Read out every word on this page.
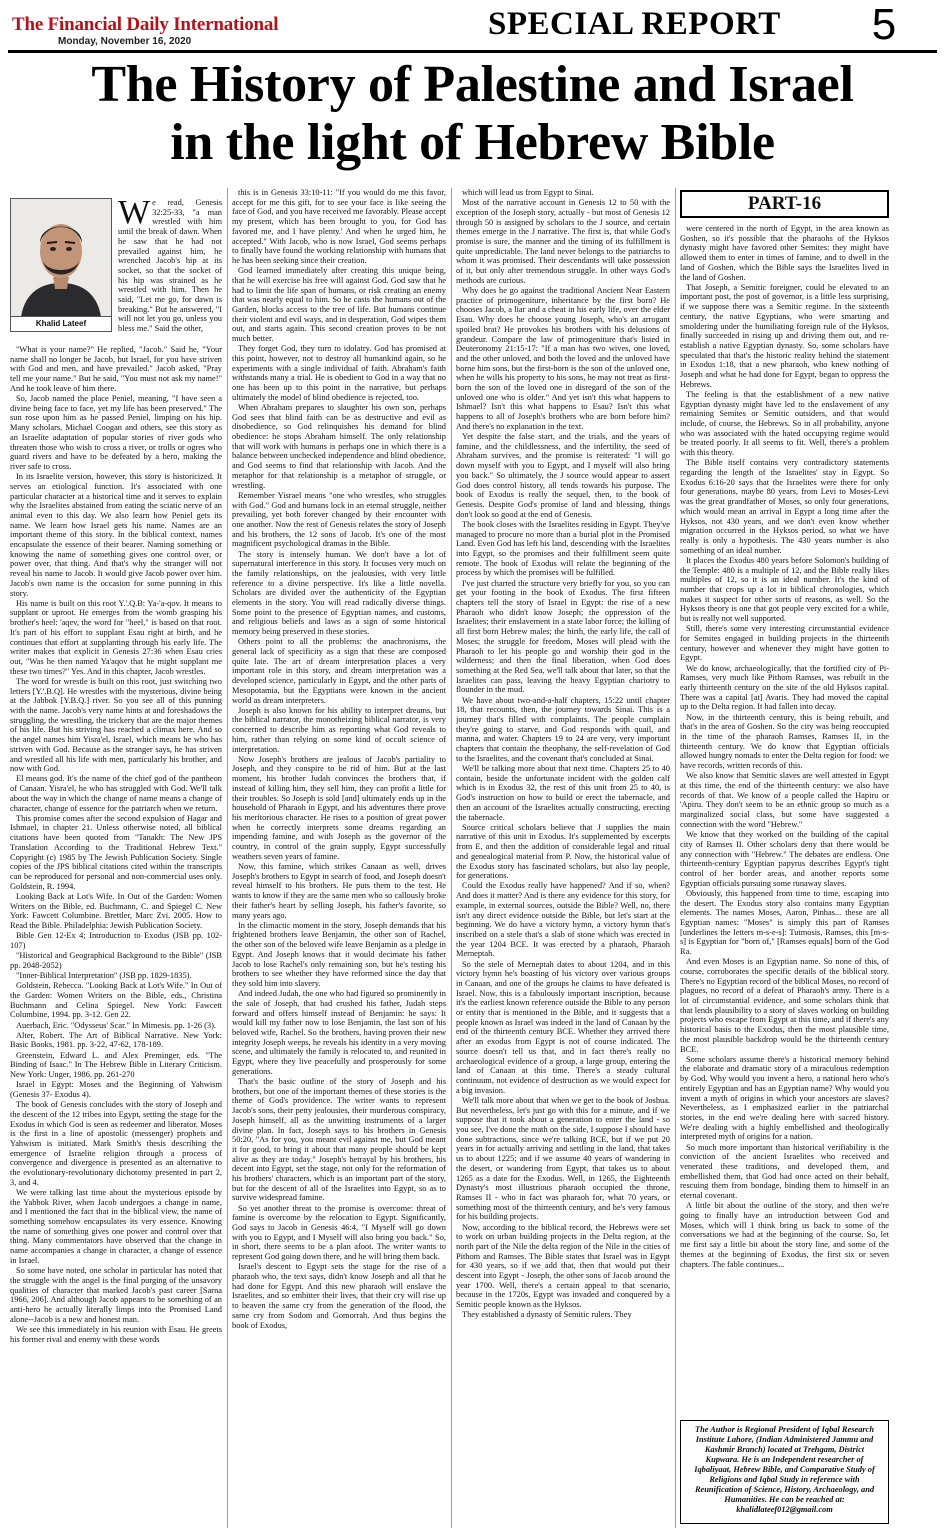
The Financial Daily International
Monday, November 16, 2020	SPECIAL REPORT 5
The History of Palestine and Israel
in the light of Hebrew Bible
Khalid Lateef
We read, Genesis 32:25-33, "a man wrestled with him until the break of dawn. When he saw that he had not prevailed against him, he wrenched Jacob's hip at its socket, so that the socket of his hip was strained as he wrestled with him. Then he said, "Let me go, for dawn is breaking." But he answered, "I will not let you go, unless you bless me." Said the other,

"What is your name?" He replied, "Jacob." Said he, "Your name shall no longer be Jacob, but Israel, for you have striven with God and men, and have prevailed." Jacob asked, "Pray tell me your name." But he said, "You must not ask my name!" And he took leave of him there.

So, Jacob named the place Peniel, meaning, "I have seen a divine being face to face, yet my life has been preserved." The sun rose upon him as he passed Peniel, limping on his hip. Many scholars, Michael Coogan and others, see this story as an Israelite adaptation of popular stories of river gods who threaten those who wish to cross a river, or trolls or ogres who guard rivers and have to be defeated by a hero, making the river safe to cross.

In its Israelite version, however, this story is historicized. It serves an etiological function. It's associated with one particular character at a historical time and it serves to explain why the Israelites abstained from eating the sciatic nerve of an animal even to this day. We also learn how Peniel gets its name. We learn how Israel gets his name. Names are an important theme of this story. In the biblical context, names encapsulate the essence of their bearer. Naming something or knowing the name of something gives one control over, or power over, that thing. And that's why the stranger will not reveal his name to Jacob. It would give Jacob power over him. Jacob's own name is the occasion for some punning in this story.

His name is built on this root Y.'.Q.B: Ya-'a-qov. It means to supplant or uproot. He emerges from the womb grasping his brother's heel: 'aqev, the word for "heel," is based on that root. It's part of his effort to supplant Esau right at birth, and he continues that effort at supplanting through his early life. The writer makes that explicit in Genesis 27:36 when Esau cries out, "Was he then named Ya'aqov that he might supplant me these two times?" Yes. And in this chapter, Jacob wrestles.

The word for wrestle is built on this root, just switching two letters [Y.'.B.Q]. He wrestles with the mysterious, divine being at the Jabbok [Y.B.Q.] river. So you see all of this punning with the name. Jacob's very name hints at and foreshadows the struggling, the wrestling, the trickery that are the major themes of his life. But his striving has reached a climax here. And so the angel names him Yisra'el, Israel, which means he who has striven with God. Because as the stranger says, he has striven and wrestled all his life with men, particularly his brother, and now with God.

El means god. It's the name of the chief god of the pantheon of Canaan. Yisra'el, he who has struggled with God. We'll talk about the way in which the change of name means a change of character, change of essence for the patriarch when we return.

This promise comes after the second expulsion of Hagar and Ishmael, in chapter 21. Unless otherwise noted, all biblical citations have been quoted from "Tanakh: The New JPS Translation According to the Traditional Hebrew Text." Copyright (c) 1985 by The Jewish Publication Society. Single copies of the JPS biblical citations cited within the transcripts can be reproduced for personal and non-commercial uses only. Goldstein, R. 1994.

Looking Back at Lot's Wife. In Out of the Garden: Women Writers on the Bible, ed. Buchmann, C. and Spiegel C. New York: Fawcett Columbine. Brettler, Marc Zvi. 2005. How to Read the Bible. Philadelphia: Jewish Publication Society.

Bible Gen 12-Ex 4; Introduction to Exodus (JSB pp. 102-107)

"Historical and Geographical Background to the Bible" (JSB pp. 2048-2052)

"Inner-Biblical Interpretation" (JSB pp. 1829-1835).

Goldstein, Rebecca. "Looking Back at Lot's Wife." In Out of the Garden: Women Writers on the Bible, eds., Christina Buchmann and Celina Spiegel. New York: Fawcett Columbine, 1994. pp. 3-12. Gen 22.

Auerbach, Eric. "Odysseus' Scar." In Mimesis. pp. 1-26 (3).

Alter, Robert. The Art of Biblical Narrative. New York: Basic Books, 1981. pp. 3-22, 47-62, 178-189.

Greenstein, Edward L. and Alex Preminger, eds. "The Binding of Isaac." In The Hebrew Bible in Literary Criticism. New York: Unger, 1986. pp. 261-270

Israel in Egypt: Moses and the Beginning of Yahwism (Genesis 37- Exodus 4).

The book of Genesis concludes with the story of Joseph and the descent of the 12 tribes into Egypt, setting the stage for the Exodus in which God is seen as redeemer and liberator. Moses is the first in a line of apostolic (messenger) prophets and Yahwism is initiated. Mark Smith's thesis describing the emergence of Israelite religion through a process of convergence and divergence is presented as an alternative to the evolutionary-revolutionary dichotomy presented in part 2, 3, and 4.

We were talking last time about the mysterious episode by the Yabbok River, when Jacob undergoes a change in name, and I mentioned the fact that in the biblical view, the name of something somehow encapsulates its very essence. Knowing the name of something gives one power and control over that thing. Many commentators have observed that the change in name accompanies a change in character, a change of essence in Israel.

So some have noted, one scholar in particular has noted that the struggle with the angel is the final purging of the unsavory qualities of character that marked Jacob's past career [Sarna 1966, 206]. And although Jacob appears to be something of an anti-hero he actually literally limps into the Promised Land alone--Jacob is a new and honest man.

We see this immediately in his reunion with Esau. He greets his former rival and enemy with these words

this is in Genesis 33:10-11: "If you would do me this favor, accept for me this gift, for to see your face is like seeing the face of God, and you have received me favorably. Please accept my present, which has been brought to you, for God has favored me, and I have plenty.' And when he urged him, he accepted." With Jacob, who is now Israel, God seems perhaps to finally have found the working relationship with humans that he has been seeking since their creation.

God learned immediately after creating this unique being, that he will exercise his free will against God. God saw that he had to limit the life span of humans, or risk creating an enemy that was nearly equal to him. So he casts the humans out of the Garden, blocks access to the tree of life. But humans continue their violent and evil ways, and in desperation, God wipes them out, and starts again. This second creation proves to be not much better.

They forget God, they turn to idolatry. God has promised at this point, however, not to destroy all humankind again, so he experiments with a single individual of faith. Abraham's faith withstands many a trial. He is obedient to God in a way that no one has been up to this point in the narrative, but perhaps ultimately the model of blind obedience is rejected, too.

When Abraham prepares to slaughter his own son, perhaps God sees that blind faith can be as destructive and evil as disobedience, so God relinquishes his demand for blind obedience: he stops Abraham himself. The only relationship that will work with humans is perhaps one in which there is a balance between unchecked independence and blind obedience, and God seems to find that relationship with Jacob. And the metaphor for that relationship is a metaphor of struggle, or wrestling.

Remember Yisrael means "one who wrestles, who struggles with God." God and humans lock in an eternal struggle, neither prevailing, yet both forever changed by their encounter with one another. Now the rest of Genesis relates the story of Joseph and his brothers, the 12 sons of Jacob. It's one of the most magnificent psychological dramas in the Bible.

The story is intensely human. We don't have a lot of supernatural interference in this story. It focuses very much on the family relationships, on the jealousies, with very little reference to a divine perspective. It's like a little novella. Scholars are divided over the authenticity of the Egyptian elements in the story. You will read radically diverse things. Some point to the presence of Egyptian names, and customs, and religious beliefs and laws as a sign of some historical memory being preserved in these stories.

Others point to all the problems: the anachronisms, the general lack of specificity as a sign that these are composed quite late. The art of dream interpretation places a very important role in this story, and dream interpretation was a developed science, particularly in Egypt, and the other parts of Mesopotamia, but the Egyptians were known in the ancient world as dream interpreters.

Joseph is also known for his ability to interpret dreams, but the biblical narrator, the monotheizing biblical narrator, is very concerned to describe him as reporting what God reveals to him, rather than relying on some kind of occult science of interpretation.

Now Joseph's brothers are jealous of Jacob's partiality to Joseph, and they conspire to be rid of him. But at the last moment, his brother Judah convinces the brothers that, if instead of killing him, they sell him, they can profit a little for their troubles. So Joseph is sold [and] ultimately ends up in the household of Pharaoh in Egypt, and his adventures there prove his meritorious character. He rises to a position of great power when he correctly interprets some dreams regarding an impending famine, and with Joseph as the governor of the country, in control of the grain supply, Egypt successfully weathers seven years of famine.

Now, this famine, which strikes Canaan as well, drives Joseph's brothers to Egypt in search of food, and Joseph doesn't reveal himself to his brothers. He puts them to the test. He wants to know if they are the same men who so callously broke their father's heart by selling Joseph, his father's favorite, so many years ago.

In the climactic moment in the story, Joseph demands that his frightened brothers leave Benjamin, the other son of Rachel, the other son of the beloved wife leave Benjamin as a pledge in Egypt. And Joseph knows that it would decimate his father Jacob to lose Rachel's only remaining son, but he's testing his brothers to see whether they have reformed since the day that they sold him into slavery.

And indeed Judah, the one who had figured so prominently in the sale of Joseph, that had crushed his father, Judah steps forward and offers himself instead of Benjamin: he says: It would kill my father now to lose Benjamin, the last son of his beloved wife, Rachel. So the brothers, having proven their new integrity Joseph weeps, he reveals his identity in a very moving scene, and ultimately the family is relocated to, and reunited in Egypt, where they live peacefully and prosperously for some generations.

That's the basic outline of the story of Joseph and his brothers, but one of the important themes of these stories is the theme of God's providence. The writer wants to represent Jacob's sons, their petty jealousies, their murderous conspiracy, Joseph himself, all as the unwitting instruments of a larger divine plan. In fact, Joseph says to his brothers in Genesis 50:20, "As for you, you meant evil against me, but God meant it for good, to bring it about that many people should be kept alive as they are today." Joseph's betrayal by his brothers, his decent into Egypt, set the stage, not only for the reformation of his brothers' characters, which is an important part of the story, but for the descent of all of the Israelites into Egypt, so as to survive widespread famine.

So yet another threat to the promise is overcome: threat of famine is overcome by the relocation to Egypt. Significantly, God says to Jacob in Genesis 46:4, "I Myself will go down with you to Egypt, and I Myself will also bring you back." So, in short, there seems to be a plan afoot. The writer wants to represent God going down there, and he will bring them back.

Israel's descent to Egypt sets the stage for the rise of a pharaoh who, the text says, didn't know Joseph and all that he had done for Egypt. And this new pharaoh will enslave the Israelites, and so embitter their lives, that their cry will rise up to heaven the same cry from the generation of the flood, the same cry from Sodom and Gomorrah. And thus begins the book of Exodus,

which will lead us from Egypt to Sinai.

Most of the narrative account in Genesis 12 to 50 with the exception of the Joseph story, actually - but most of Genesis 12 through 50 is assigned by scholars to the J source, and certain themes emerge in the J narrative. The first is, that while God's promise is sure, the manner and the timing of its fulfillment is quite unpredictable. The land never belongs to the patriarchs to whom it was promised. Their descendants will take possession of it, but only after tremendous struggle. In other ways God's methods are curious.

Why does he go against the traditional Ancient Near Eastern practice of primogeniture, inheritance by the first born? He chooses Jacob, a liar and a cheat in his early life, over the elder Esau. Why does he choose young Joseph, who's an arrogant spoiled brat? He provokes his brothers with his delusions of grandeur. Compare the law of primogeniture that's listed in Deuteronomy 21:15-17: "If a man has two wives, one loved, and the other unloved, and both the loved and the unloved have borne him sons, but the first-born is the son of the unloved one, when he wills his property to his sons, he may not treat as first-born the son of the loved one in disregard of the son of the unloved one who is older." And yet isn't this what happens to Ishmael? Isn't this what happens to Esau? Isn't this what happens to all of Joseph's brothers who are born before him? And there's no explanation in the text.

Yet despite the false start, and the trials, and the years of famine, and the childlessness, and the infertility, the seed of Abraham survives, and the promise is reiterated: "I will go down myself with you to Egypt, and I myself will also bring you back." So ultimately, the J source would appear to assert God does control history, all tends towards his purpose. The book of Exodus is really the sequel, then, to the book of Genesis. Despite God's promise of land and blessing, things don't look so good at the end of Genesis.

The book closes with the Israelites residing in Egypt. They've managed to procure no more than a burial plot in the Promised Land. Even God has left his land, descending with the Israelites into Egypt, so the promises and their fulfillment seem quite remote. The book of Exodus will relate the beginning of the process by which the promises will be fulfilled.

I've just charted the structure very briefly for you, so you can get your footing in the book of Exodus. The first fifteen chapters tell the story of Israel in Egypt: the rise of a new Pharaoh who didn't know Joseph; the oppression of the Israelites; their enslavement in a state labor force; the killing of all first born Hebrew males; the birth, the early life, the call of Moses; the struggle for freedom, Moses will plead with the Pharaoh to let his people go and worship their god in the wilderness; and then the final liberation, when God does something at the Red Sea, we'll talk about that later, so that the Israelites can pass, leaving the heavy Egyptian chariotry to flounder in the mud.

We have about two-and-a-half chapters, 15:22 until chapter 18, that recounts, then, the journey towards Sinai. This is a journey that's filled with complaints. The people complain they're going to starve, and God responds with quail, and manna, and water. Chapters 19 to 24 are very, very important chapters that contain the theophany, the self-revelation of God to the Israelites, and the covenant that's concluded at Sinai.

We'll be talking more about that next time. Chapters 25 to 40 contain, beside the unfortunate incident with the golden calf which is in Exodus 32, the rest of this unit from 25 to 40, is God's instruction on how to build or erect the tabernacle, and then an account of the Israelites actually constructing, erecting the tabernacle.

Source critical scholars believe that J supplies the main narrative of this unit in Exodus. It's supplemented by excerpts from E, and then the addition of considerable legal and ritual and genealogical material from P. Now, the historical value of the Exodus story has fascinated scholars, but also lay people, for generations.

Could the Exodus really have happened? And if so, when? And does it matter? And is there any evidence for this story, for example, in external sources, outside the Bible? Well, no, there isn't any direct evidence outside the Bible, but let's start at the beginning. We do have a victory hymn, a victory hymn that's inscribed on a stele that's a slab of stone which was erected in the year 1204 BCE. It was erected by a pharaoh, Pharaoh Merneptah.

So the stele of Merneptah dates to about 1204, and in this victory hymn he's boasting of his victory over various groups in Canaan, and one of the groups he claims to have defeated is Israel. Now, this is a fabulously important inscription, because it's the earliest known reference outside the Bible to any person or entity that is mentioned in the Bible, and it suggests that a people known as Israel was indeed in the land of Canaan by the end of the thirteenth century BCE. Whether they arrived there after an exodus from Egypt is not of course indicated. The source doesn't tell us that, and in fact there's really no archaeological evidence of a group, a large group, entering the land of Canaan at this time. There's a steady cultural continuum, not evidence of destruction as we would expect for a big invasion.

We'll talk more about that when we get to the book of Joshua. But nevertheless, let's just go with this for a minute, and if we suppose that it took about a generation to enter the land - so you see, I've done the math on the side, I suppose I should have done subtractions, since we're talking BCE, but if we put 20 years in for actually arriving and settling in the land, that takes us to about 1225; and if we assume 40 years of wandering in the desert, or wandering from Egypt, that takes us to about 1265 as a date for the Exodus. Well, in 1265, the Eighteenth Dynasty's most illustrious pharaoh occupied the throne, Ramses II - who in fact was pharaoh for, what 70 years, or something most of the thirteenth century, and he's very famous for his building projects.

Now, according to the biblical record, the Hebrews were set to work on urban building projects in the Delta region, at the north part of the Nile the delta region of the Nile in the cities of Pithom and Ramses. The Bible states that Israel was in Egypt for 430 years, so if we add that, then that would put their descent into Egypt - Joseph, the other sons of Jacob around the year 1700. Well, there's a certain appeal to that scenario, because in the 1720s, Egypt was invaded and conquered by a Semitic people known as the Hyksos.

They established a dynasty of Semitic rulers. They

PART-16

were centered in the north of Egypt, in the area known as Goshen, so it's possible that the pharaohs of the Hyksos dynasty might have favored other Semites: they might have allowed them to enter in times of famine, and to dwell in the land of Goshen, which the Bible says the Israelites lived in the land of Goshen.

That Joseph, a Semitic foreigner, could be elevated to an important post, the post of governor, is a little less surprising, if we suppose there was a Semitic regime. In the sixteenth century, the native Egyptians, who were smarting and smoldering under the humiliating foreign rule of the Hyksos, finally succeeded in rising up and driving them out, and re-establish a native Egyptian dynasty. So, some scholars have speculated that that's the historic reality behind the statement in Exodus 1:18, that a new pharaoh, who knew nothing of Joseph and what he had done for Egypt, began to oppress the Hebrews.

The feeling is that the establishment of a new native Egyptian dynasty might have led to the enslavement of any remaining Semites or Semitic outsiders, and that would include, of course, the Hebrews. So in all probability, anyone who was associated with the hated occupying regime would be treated poorly. It all seems to fit. Well, there's a problem with this theory.

The Bible itself contains very contradictory statements regarding the length of the Israelites' stay in Egypt. So Exodus 6:16-20 says that the Israelites were there for only four generations, maybe 80 years, from Levi to Moses-Levi was the great grandfather of Moses, so only four generations, which would mean an arrival in Egypt a long time after the Hyksos, not 430 years, and we don't even know whether migration occurred in the Hyksos period, so what we have really is only a hypothesis. The 430 years number is also something of an ideal number.

It places the Exodus 480 years before Solomon's building of the Temple: 480 is a multiple of 12, and the Bible really likes multiples of 12, so it is an ideal number. It's the kind of number that crops up a lot in biblical chronologies, which makes it suspect for other sorts of reasons, as well. So the Hyksos theory is one that got people very excited for a while, but is really not well supported.

Still, there's some very interesting circumstantial evidence for Semites engaged in building projects in the thirteenth century, however and whenever they might have gotten to Egypt.

We do know, archaeologically, that the fortified city of Pi-Ramses, very much like Pithom Ramses, was rebuilt in the early thirteenth century on the site of the old Hyksos capital. There was a capital [at] Avaris. They had moved the capital up to the Delta region. It had fallen into decay.

Now, in the thirteenth century, this is being rebuilt, and that's in the area of Goshen. So the city was being reoccupied in the time of the pharaoh Ramses, Ramses II, in the thirteenth century. We do know that Egyptian officials allowed hungry nomads to enter the Delta region for food: we have records, written records of this.

We also know that Semitic slaves are well attested in Egypt at this time, the end of the thirteenth century: we also have records of that. We know of a people called the Hapiru or 'Apiru. They don't seem to be an ethnic group so much as a marginalized social class, but some have suggested a connection with the word "Hebrew."

We know that they worked on the building of the capital city of Ramses II. Other scholars deny that there would be any connection with "Hebrew." The debates are endless. One thirteenth-century Egyptian papyrus describes Egypt's tight control of her border areas, and another reports some Egyptian officials pursuing some runaway slaves.

Obviously, this happened from time to time, escaping into the desert. The Exodus story also contains many Egyptian elements. The names Moses, Aaron, Pinhas... these are all Egyptian names: "Moses" is simply this part of Ramses [underlines the letters m-s-e-s]: Tutmosis, Ramses, this [m-s-s] is Egyptian for "born of," [Ramses equals] born of the God Ra.

And even Moses is an Egyptian name. So none of this, of course, corroborates the specific details of the biblical story. There's no Egyptian record of the biblical Moses, no record of plagues, no record of a defeat of Pharaoh's army. There is a lot of circumstantial evidence, and some scholars think that that lends plausibility to a story of slaves working on building projects who escape from Egypt at this time, and if there's any historical basis to the Exodus, then the most plausible time, the most plausible backdrop would be the thirteenth century BCE.

Some scholars assume there's a historical memory behind the elaborate and dramatic story of a miraculous redemption by God. Why would you invent a hero, a national hero who's entirely Egyptian and has an Egyptian name? Why would you invent a myth of origins in which your ancestors are slaves? Nevertheless, as I emphasized earlier in the patriarchal stories, in the end we're dealing here with sacred history. We're dealing with a highly embellished and theologically interpreted myth of origins for a nation.

So much more important than historical verifiability is the conviction of the ancient Israelites who received and venerated these traditions, and developed them, and embellished them, that God had once acted on their behalf, rescuing them from bondage, binding them to himself in an eternal covenant.

A little bit about the outline of the story, and then we're going to finally have an introduction between God and Moses, which will I think bring us back to some of the conversations we had at the beginning of the course. So, let me first say a little bit about the story line, and some of the themes at the beginning of Exodus, the first six or seven chapters. The fable continues...

The Author is Regional President of Iqbal Research Institute Lahore, (Indian Administered Jammu and Kashmir Branch) located at Trehgam, District Kupwara. He is an Independent researcher of Iqbaliyaat, Hebrew Bible, and Comparative Study of Religions and Iqbal Study in reference with Reunification of Science, History, Archaeology, and Humanities. He can be reached at: khalidlateef012@gmail.com
